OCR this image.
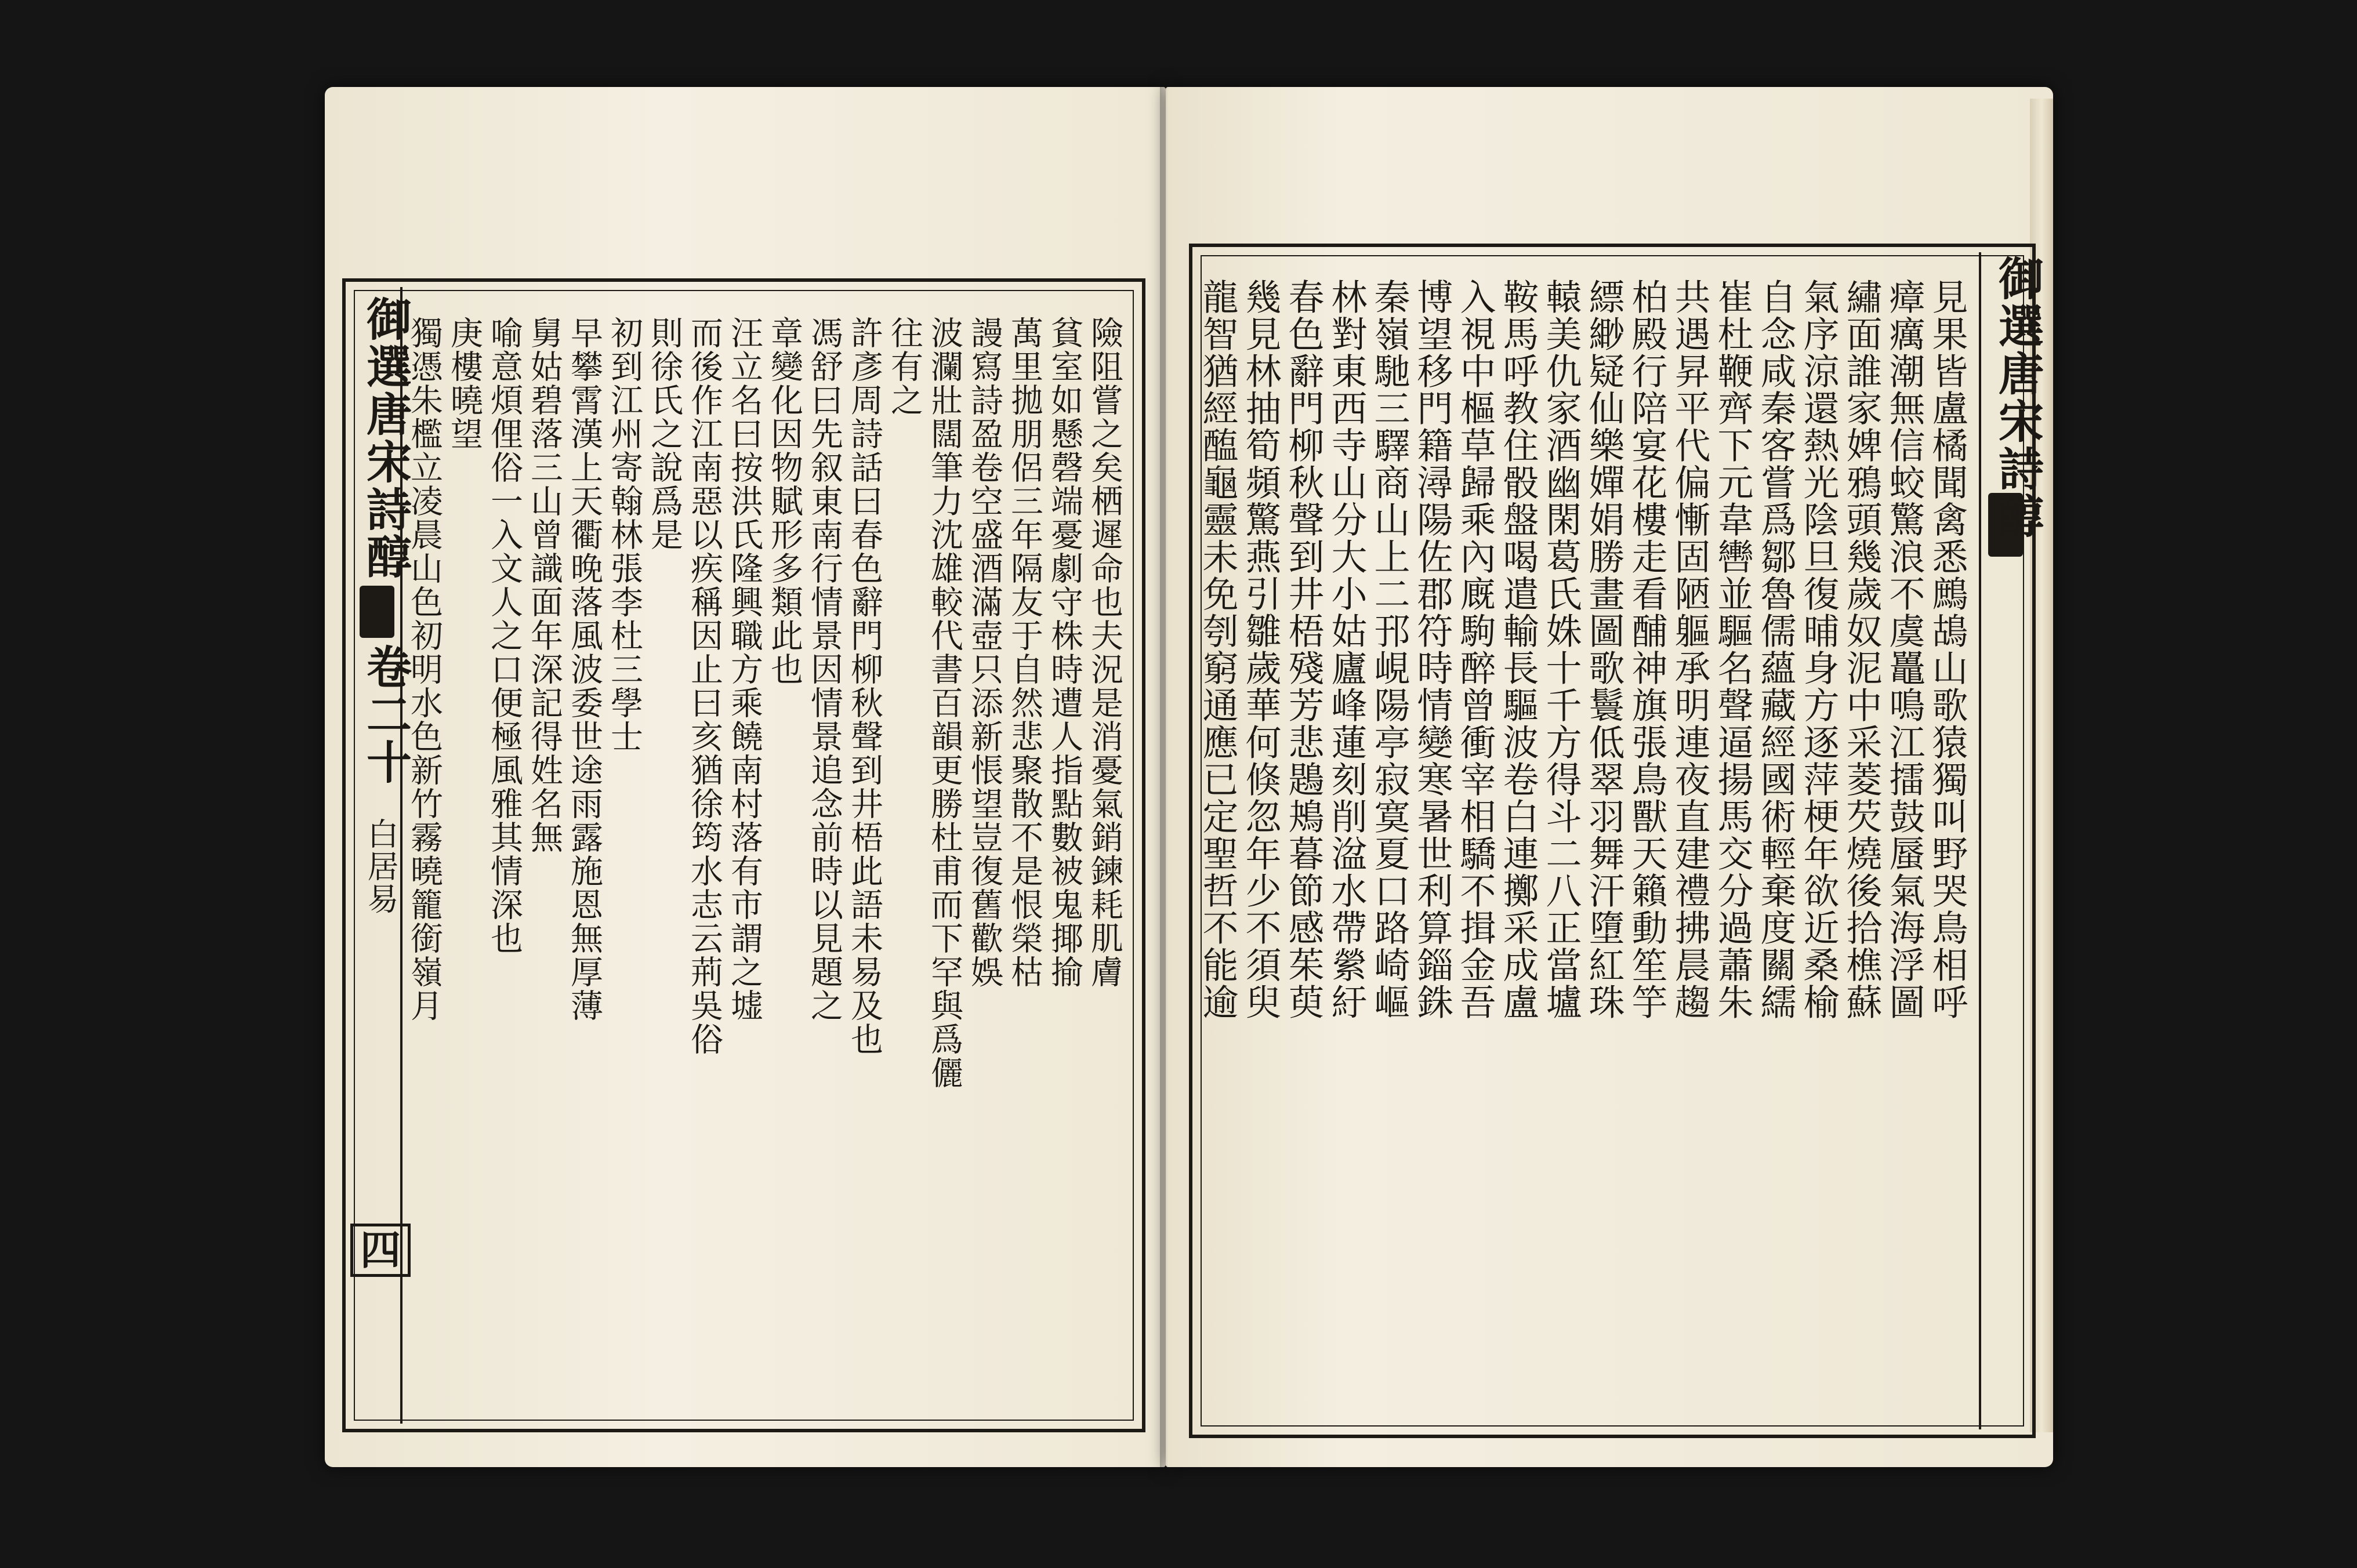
御選唐宋詩醇
卷二十
白居易
四
險阻嘗之矣栖遲命也夫況是消憂氣銷鍊耗肌膚
貧室如懸磬端憂劇守株時遭人指點數被鬼揶揄
萬里拋朋侶三年隔友于自然悲聚散不是恨榮枯
謾寫詩盈卷空盛酒滿壺只添新悵望豈復舊歡娛
波瀾壯闊筆力沈雄較代書百韻更勝杜甫而下罕與爲儷
往有之
許彥周詩話曰春色辭門柳秋聲到井梧此語未易及也
馮舒曰先叙東南行情景因情景追念前時以見題之
章變化因物賦形多類此也
汪立名曰按洪氏隆興職方乘饒南村落有市謂之墟
而後作江南惡以疾稱因止曰亥猶徐筠水志云荊吳俗
則徐氏之說爲是
初到江州寄翰林張李杜三學士
早攀霄漢上天衢晚落風波委世途雨露施恩無厚薄
舅姑碧落三山曾識面年深記得姓名無
喻意煩俚俗一入文人之口便極風雅其情深也
庚樓曉望
獨憑朱檻立凌晨山色初明水色新竹霧曉籠銜嶺月	御選唐宋詩醇
見果皆盧橘聞禽悉鷓鴣山歌猿獨叫野哭鳥相呼
瘴癘潮無信蛟驚浪不虞鼉鳴江擂鼓蜃氣海浮圖
繡面誰家婢鴉頭幾歲奴泥中采菱芡燒後拾樵蘇
氣序涼還熱光陰旦復晡身方逐萍梗年欲近桑榆
自念咸秦客嘗爲鄒魯儒蘊藏經國術輕棄度關繻
崔杜鞭齊下元韋轡並驅名聲逼揚馬交分過蕭朱
共遇昇平代偏慚固陋軀承明連夜直建禮拂晨趨
柏殿行陪宴花樓走看酺神旗張鳥獸天籟動笙竽
縹緲疑仙樂嬋娟勝畫圖歌鬟低翠羽舞汗墮紅珠
轅美仇家酒幽閑葛氏姝十千方得斗二八正當壚
鞍馬呼教住骰盤喝遣輸長驅波卷白連擲采成盧
入視中樞草歸乘內廐駒醉曾衝宰相驕不揖金吾
博望移門籍潯陽佐郡符時情變寒暑世利算錙銖
秦嶺馳三驛商山上二邘峴陽亭寂寞夏口路崎嶇
林對東西寺山分大小姑廬峰蓮刻削湓水帶縈紆
春色辭門柳秋聲到井梧殘芳悲鶗鴂暮節感茱萸
幾見林抽筍頻驚燕引雛歲華何倏忽年少不須臾
龍智猶經醢龜靈未免刳窮通應已定聖哲不能逾
